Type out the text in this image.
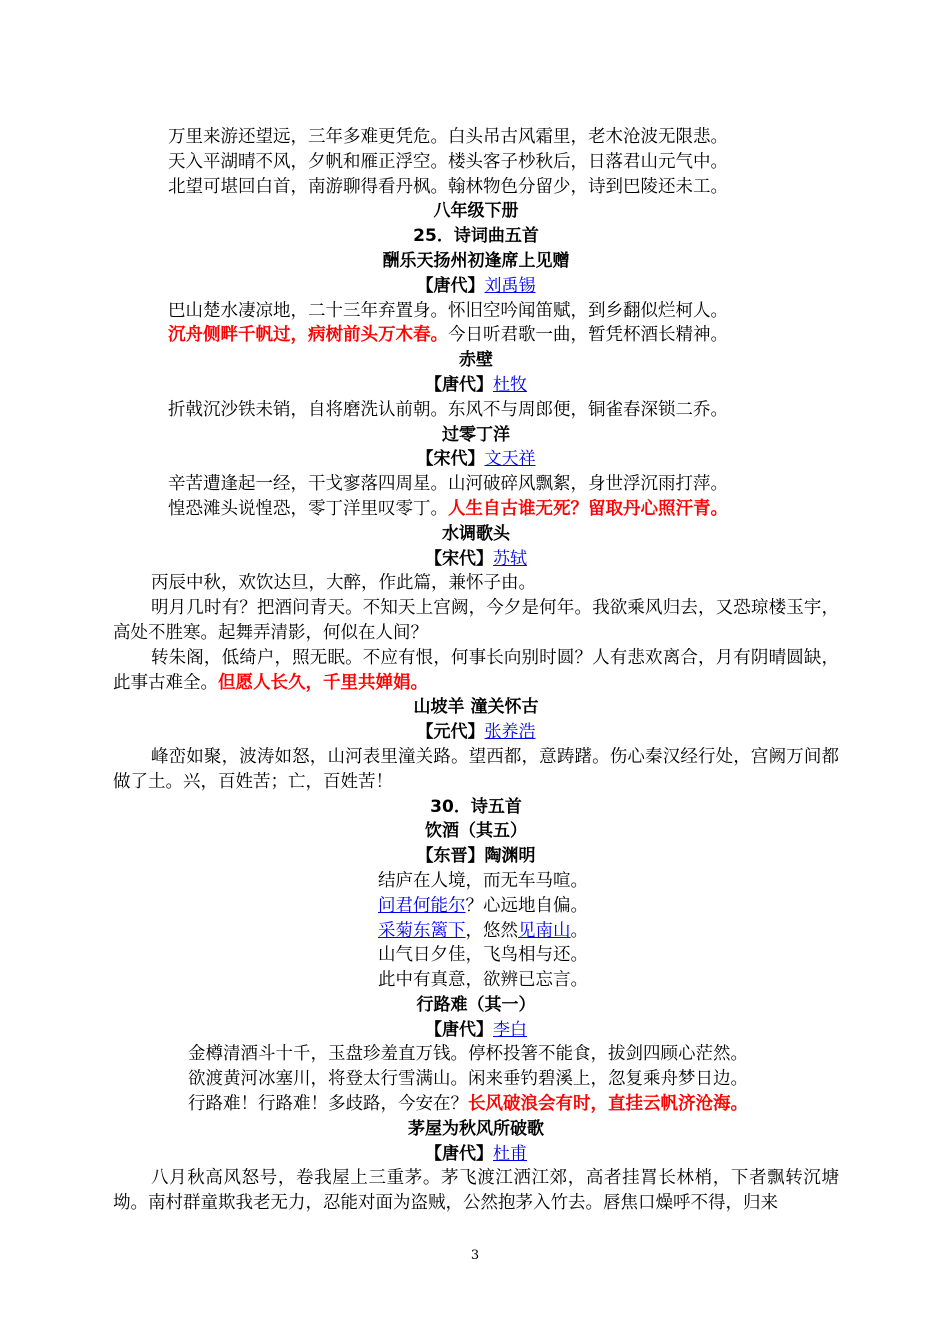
万里来游还望远，三年多难更凭危。白头吊古风霜里，老木沧波无限悲。
天入平湖晴不风，夕帆和雁正浮空。楼头客子杪秋后，日落君山元气中。
北望可堪回白首，南游聊得看丹枫。翰林物色分留少，诗到巴陵还未工。
八年级下册
25．诗词曲五首
酬乐天扬州初逢席上见赠
【唐代】刘禹锡
巴山楚水凄凉地，二十三年弃置身。怀旧空吟闻笛赋，到乡翻似烂柯人。
沉舟侧畔千帆过，病树前头万木春。今日听君歌一曲，暂凭杯酒长精神。
赤壁
【唐代】杜牧
折戟沉沙铁未销，自将磨洗认前朝。东风不与周郎便，铜雀春深锁二乔。
过零丁洋
【宋代】文天祥
辛苦遭逢起一经，干戈寥落四周星。山河破碎风飘絮，身世浮沉雨打萍。
惶恐滩头说惶恐，零丁洋里叹零丁。人生自古谁无死？留取丹心照汗青。
水调歌头
【宋代】苏轼
丙辰中秋，欢饮达旦，大醉，作此篇，兼怀子由。
明月几时有？把酒问青天。不知天上宫阙，今夕是何年。我欲乘风归去，又恐琼楼玉宇，高处不胜寒。起舞弄清影，何似在人间？
转朱阁，低绮户，照无眠。不应有恨，何事长向别时圆？人有悲欢离合，月有阴晴圆缺，此事古难全。但愿人长久，千里共婵娟。
山坡羊 潼关怀古
【元代】张养浩
峰峦如聚，波涛如怒，山河表里潼关路。望西都，意踌躇。伤心秦汉经行处，宫阙万间都做了土。兴，百姓苦；亡，百姓苦！
30．诗五首
饮酒（其五）
【东晋】陶渊明
结庐在人境，而无车马喧。
问君何能尔？心远地自偏。
采菊东篱下，悠然见南山。
山气日夕佳，飞鸟相与还。
此中有真意，欲辨已忘言。
行路难（其一）
【唐代】李白
金樽清酒斗十千，玉盘珍羞直万钱。停杯投箸不能食，拔剑四顾心茫然。
欲渡黄河冰塞川，将登太行雪满山。闲来垂钓碧溪上，忽复乘舟梦日边。
行路难！行路难！多歧路，今安在？长风破浪会有时，直挂云帆济沧海。
茅屋为秋风所破歌
【唐代】杜甫
八月秋高风怒号，卷我屋上三重茅。茅飞渡江洒江郊，高者挂罥长林梢，下者飘转沉塘坳。南村群童欺我老无力，忍能对面为盗贼，公然抱茅入竹去。唇焦口燥呼不得，归来
3
